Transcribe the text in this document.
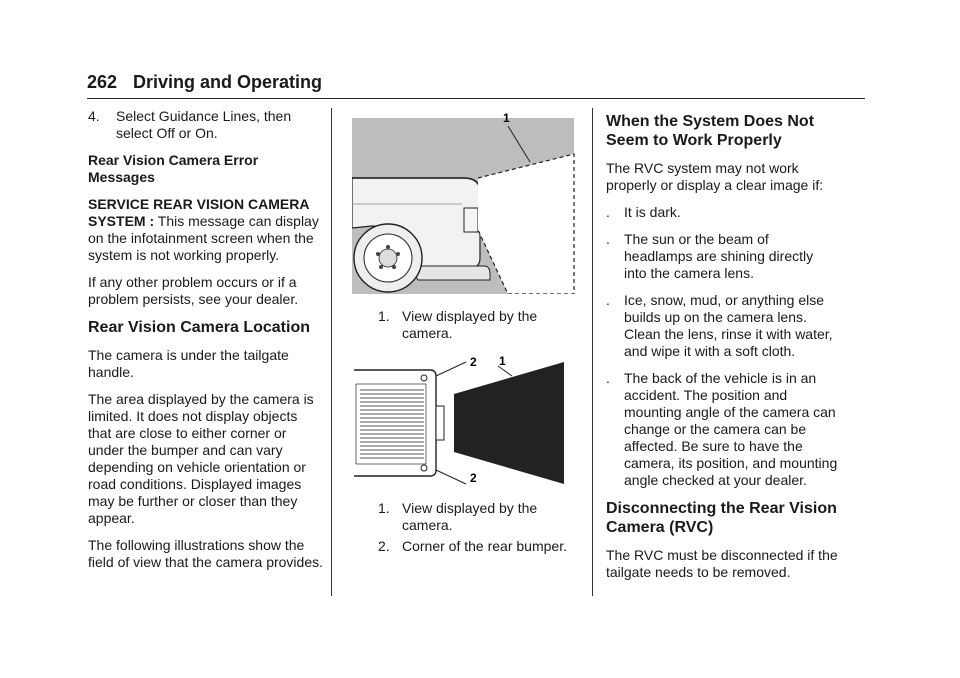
262 Driving and Operating
4.	Select Guidance Lines, then select Off or On.

Rear Vision Camera Error Messages

SERVICE REAR VISION CAMERA SYSTEM : This message can display on the infotainment screen when the system is not working properly.

If any other problem occurs or if a problem persists, see your dealer.

Rear Vision Camera Location

The camera is under the tailgate handle.

The area displayed by the camera is limited. It does not display objects that are close to either corner or under the bumper and can vary depending on vehicle orientation or road conditions. Displayed images may be further or closer than they appear.

The following illustrations show the field of view that the camera provides.

1
1. View displayed by the camera.
2 1
2
1. View displayed by the camera.
2. Corner of the rear bumper.
When the System Does Not Seem to Work Properly

The RVC system may not work properly or display a clear image if:

.	It is dark.
.	The sun or the beam of headlamps are shining directly into the camera lens.
.	Ice, snow, mud, or anything else builds up on the camera lens. Clean the lens, rinse it with water, and wipe it with a soft cloth.
.	The back of the vehicle is in an accident. The position and mounting angle of the camera can change or the camera can be affected. Be sure to have the camera, its position, and mounting angle checked at your dealer.
Disconnecting the Rear Vision Camera (RVC)

The RVC must be disconnected if the tailgate needs to be removed.
